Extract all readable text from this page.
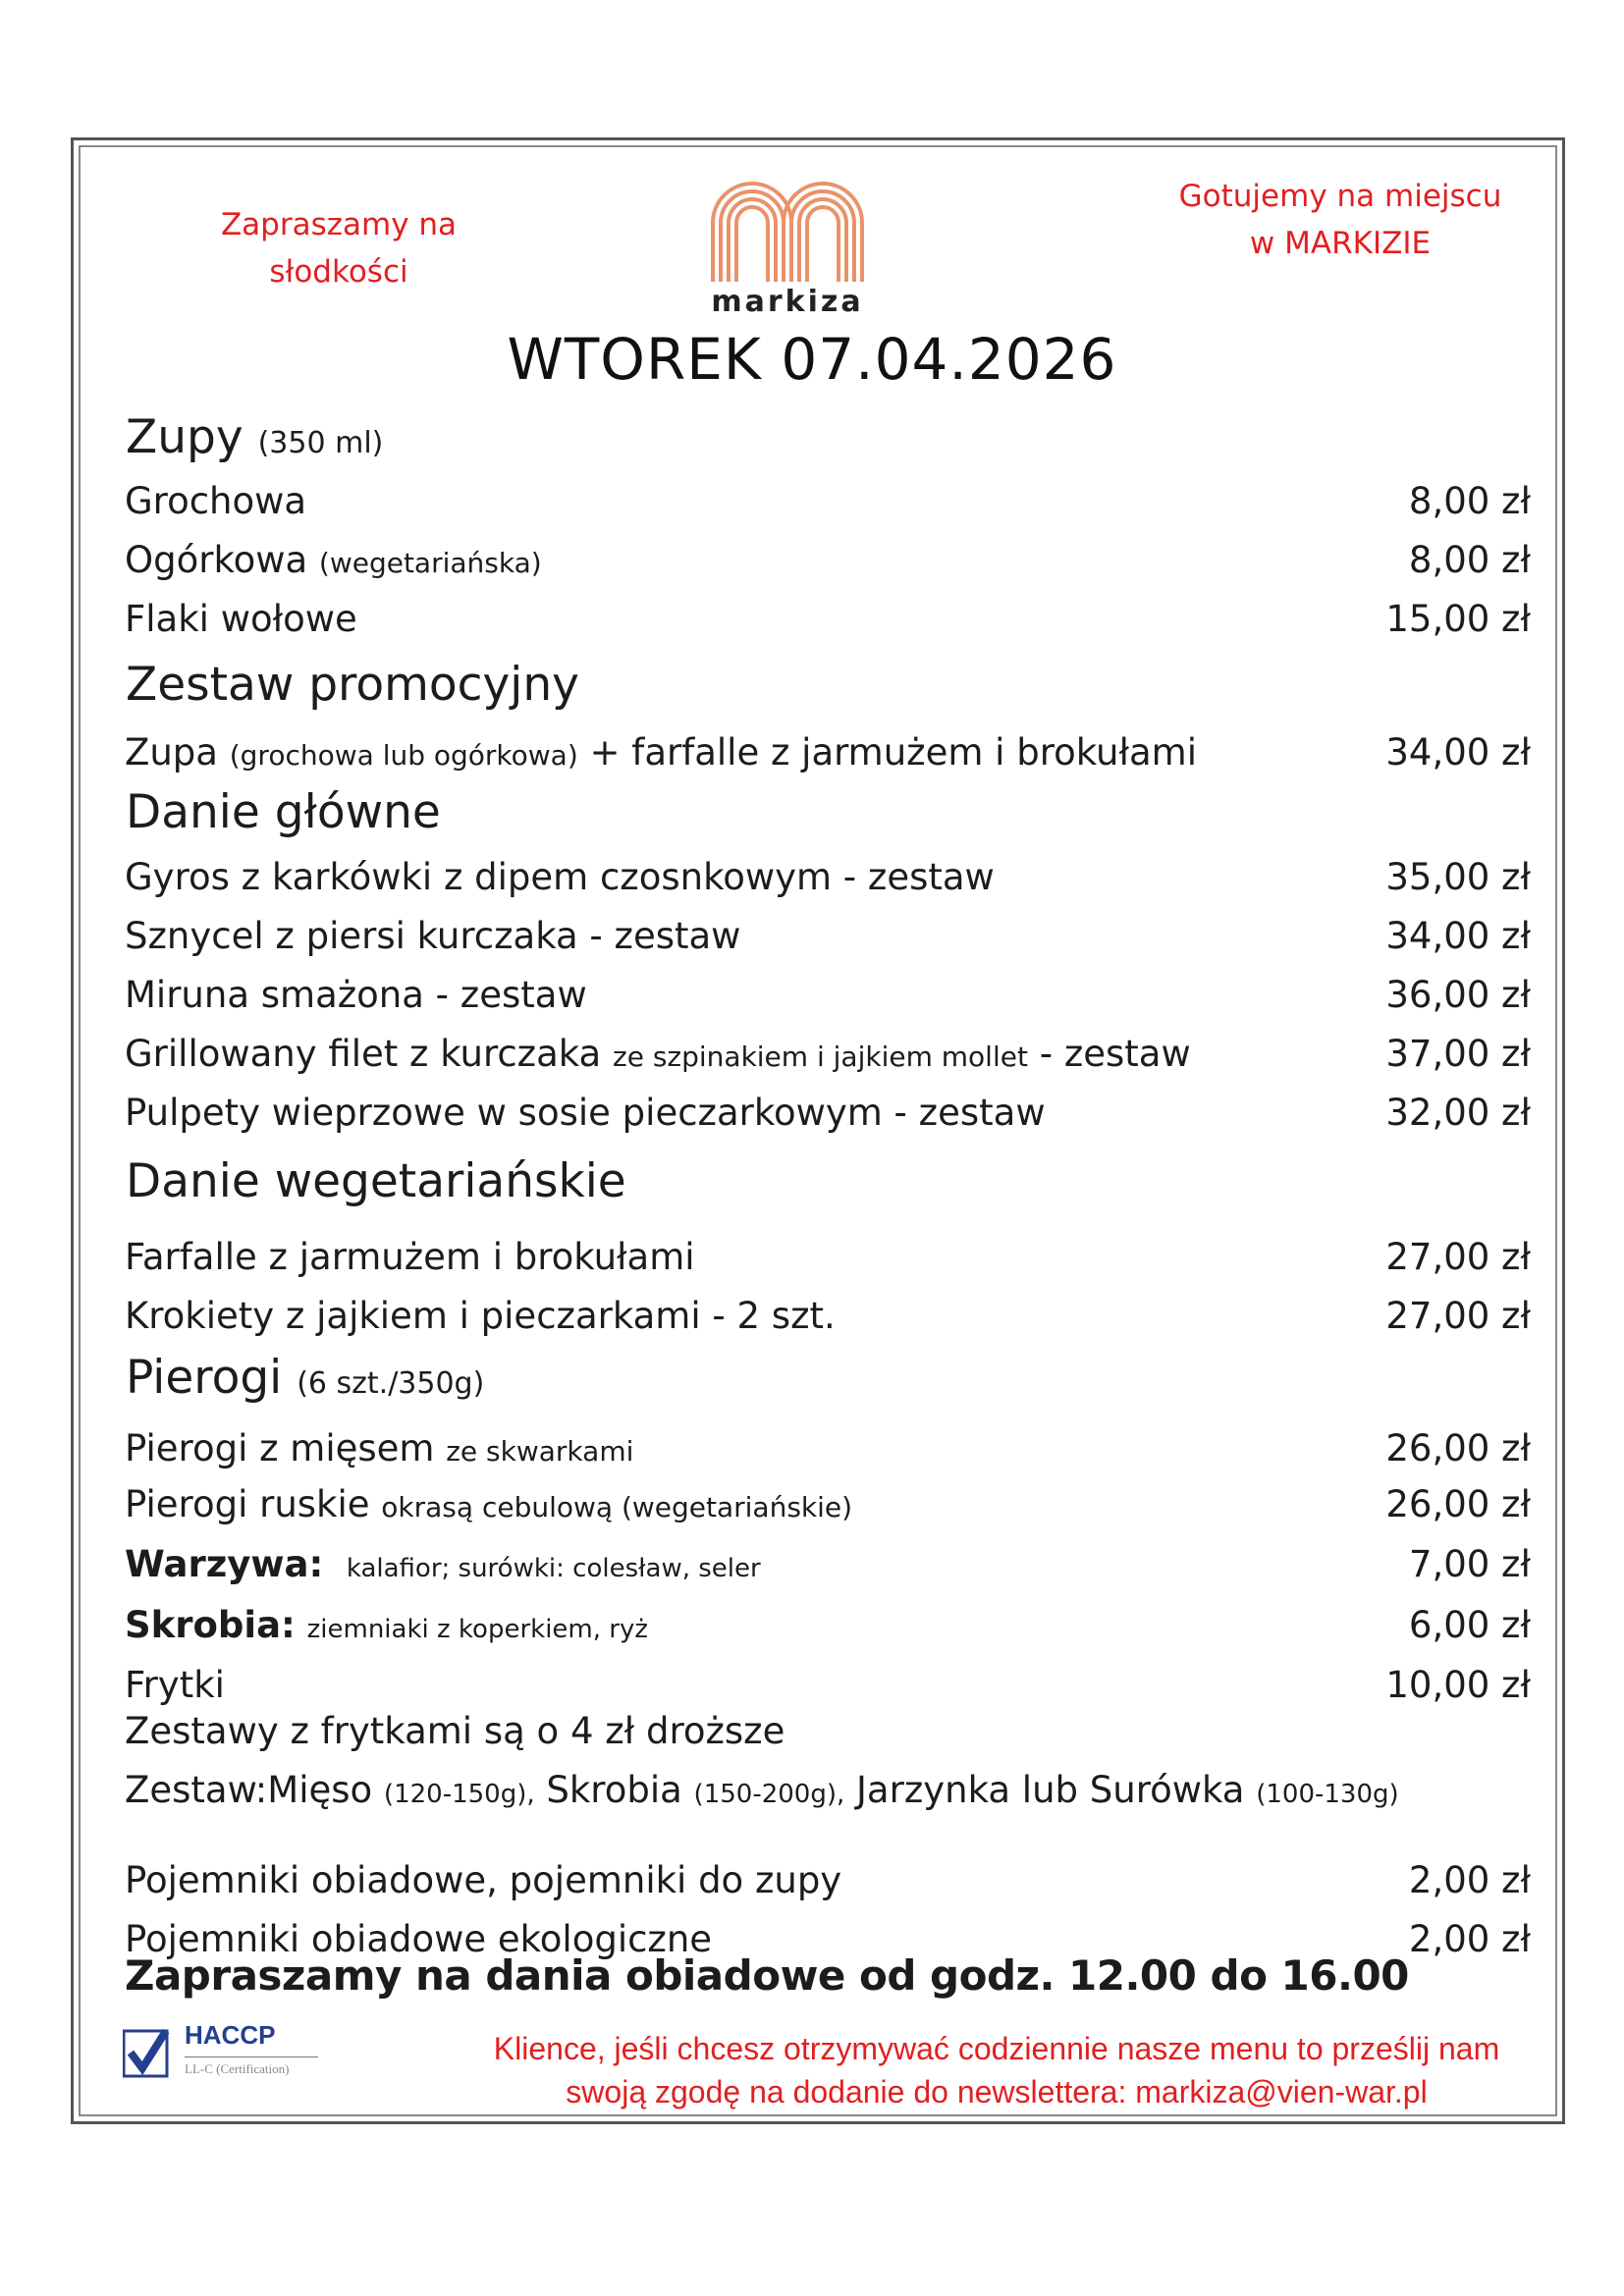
Zapraszamy na
słodkości
Gotujemy na miejscu
w MARKIZIE
markiza
WTOREK 07.04.2026
Zupy (350 ml)
Grochowa	8,00 zł
Ogórkowa (wegetariańska)	8,00 zł
Flaki wołowe	15,00 zł
Zestaw promocyjny
Zupa (grochowa lub ogórkowa) + farfalle z jarmużem i brokułami	34,00 zł
Danie główne
Gyros z karkówki z dipem czosnkowym - zestaw	35,00 zł
Sznycel z piersi kurczaka - zestaw	34,00 zł
Miruna smażona - zestaw	36,00 zł
Grillowany filet z kurczaka ze szpinakiem i jajkiem mollet - zestaw	37,00 zł
Pulpety wieprzowe w sosie pieczarkowym - zestaw	32,00 zł
Danie wegetariańskie
Farfalle z jarmużem i brokułami	27,00 zł
Krokiety z jajkiem i pieczarkami - 2 szt.	27,00 zł
Pierogi (6 szt./350g)
Pierogi z mięsem ze skwarkami	26,00 zł
Pierogi ruskie okrasą cebulową (wegetariańskie)	26,00 zł
Warzywa: kalafior; surówki: colesław, seler	7,00 zł
Skrobia: ziemniaki z koperkiem, ryż	6,00 zł
Frytki	10,00 zł
Zestawy z frytkami są o 4 zł droższe
Zestaw:Mięso (120-150g), Skrobia (150-200g), Jarzynka lub Surówka (100-130g)
Pojemniki obiadowe, pojemniki do zupy	2,00 zł
Pojemniki obiadowe ekologiczne	2,00 zł
Zapraszamy na dania obiadowe od godz. 12.00 do 16.00
HACCP
LL-C (Certification)
Klience, jeśli chcesz otrzymywać codziennie nasze menu to prześlij nam
swoją zgodę na dodanie do newslettera: markiza@vien-war.pl
